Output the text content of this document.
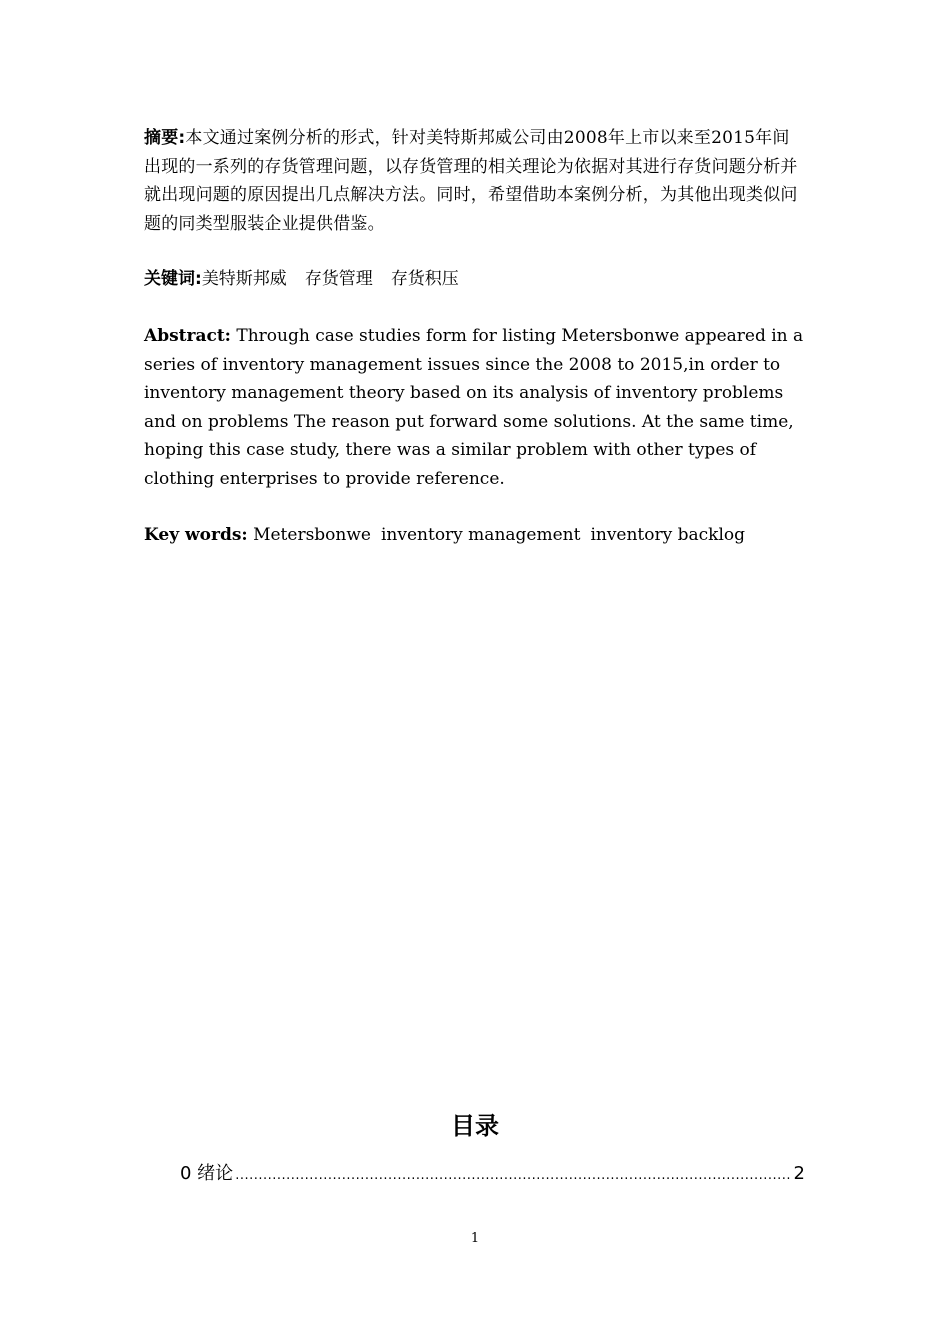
摘要:本文通过案例分析的形式，针对美特斯邦威公司由2008年上市以来至2015年间出现的一系列的存货管理问题，以存货管理的相关理论为依据对其进行存货问题分析并就出现问题的原因提出几点解决方法。同时，希望借助本案例分析，为其他出现类似问题的同类型服装企业提供借鉴。
关键词:美特斯邦威 存货管理 存货积压
Abstract: Through case studies form for listing Metersbonwe appeared in a series of inventory management issues since the 2008 to 2015,in order to inventory management theory based on its analysis of inventory problems and on problems The reason put forward some solutions. At the same time, hoping this case study, there was a similar problem with other types of clothing enterprises to provide reference.
Key words: Metersbonwe inventory management inventory backlog
目录
0 绪论
.....	2
1
